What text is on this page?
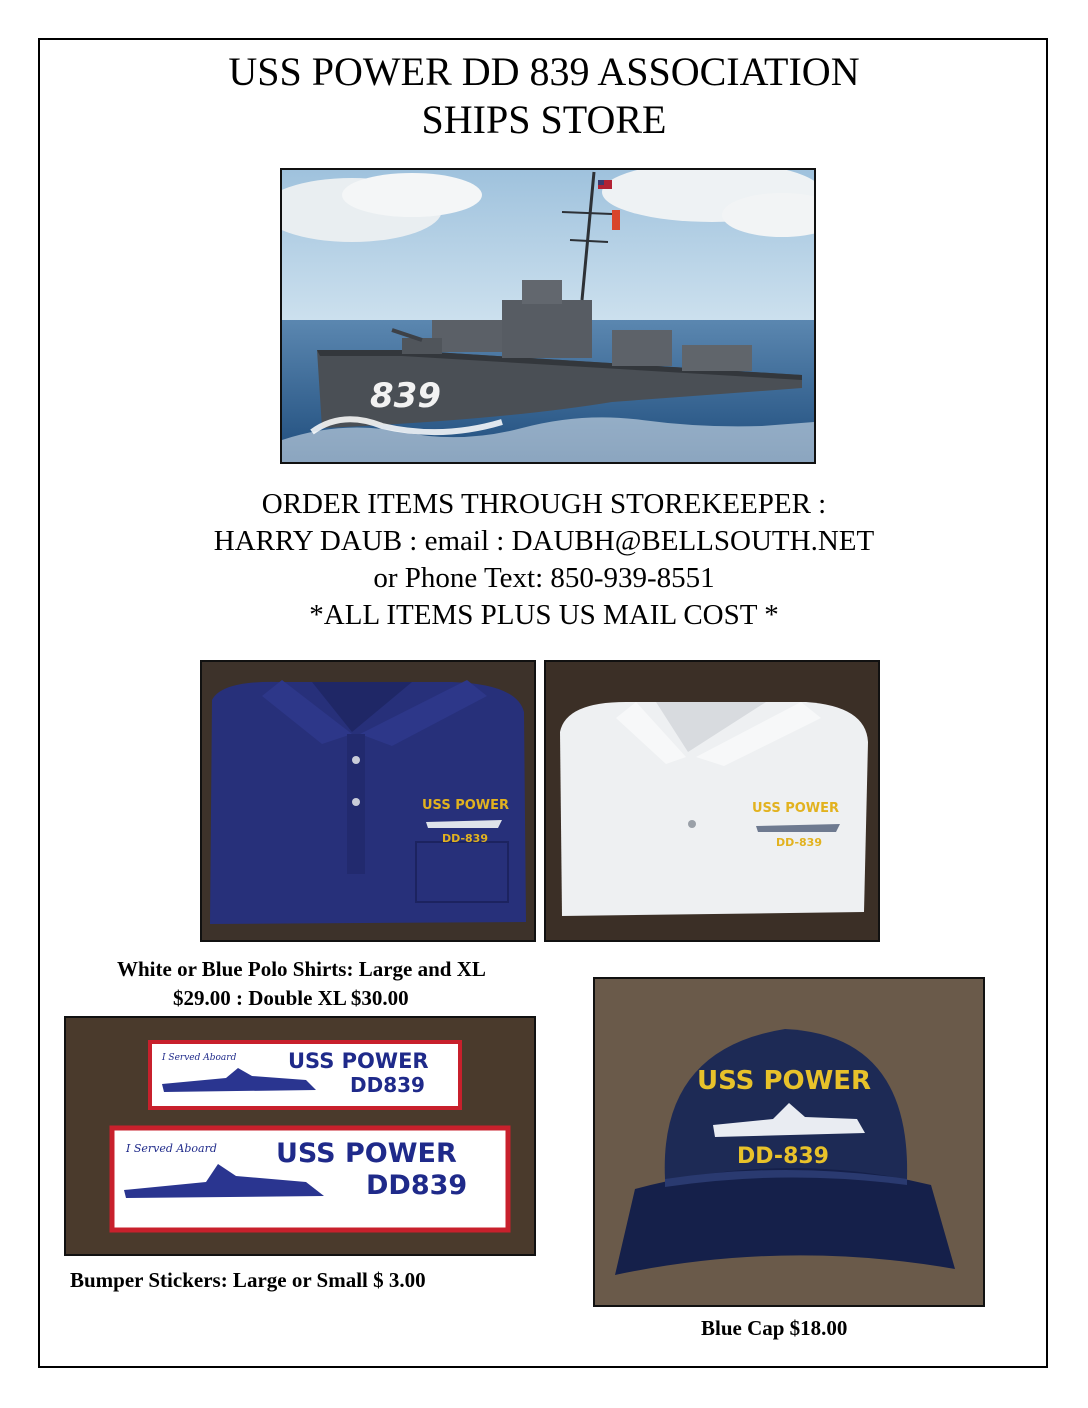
USS POWER DD 839 ASSOCIATION
SHIPS STORE
839
ORDER ITEMS THROUGH STOREKEEPER :
HARRY DAUB : email : DAUBH@BELLSOUTH.NET
or Phone Text: 850-939-8551
*ALL ITEMS PLUS US MAIL COST *
USS POWER
DD-839
USS POWER
DD-839
White or Blue Polo Shirts: Large and XL
$29.00 : Double XL $30.00
I Served Aboard USS POWER
DD839
I Served Aboard USS POWER
DD839
Bumper Stickers: Large or Small $ 3.00
USS POWER
DD-839
Blue Cap $18.00
